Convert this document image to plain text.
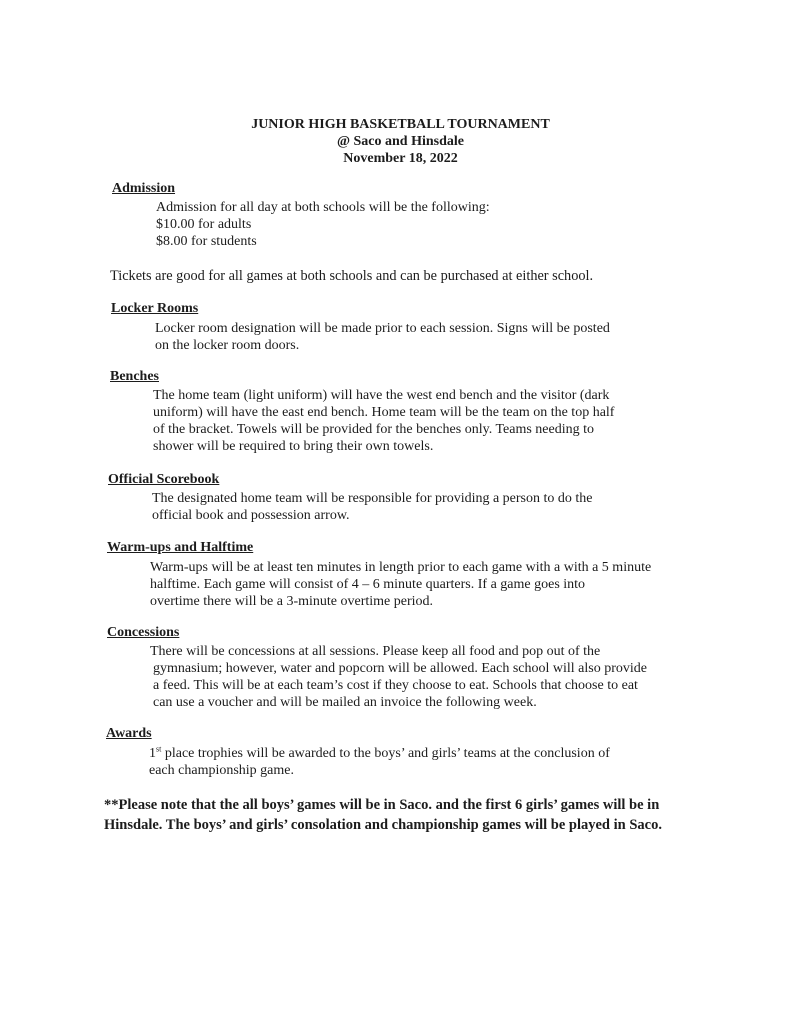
JUNIOR HIGH BASKETBALL TOURNAMENT
@ Saco and Hinsdale
November 18, 2022
Admission
Admission for all day at both schools will be the following:
$10.00 for adults
$8.00 for students
Tickets are good for all games at both schools and can be purchased at either school.
Locker Rooms
Locker room designation will be made prior to each session. Signs will be posted
on the locker room doors.
Benches
The home team (light uniform) will have the west end bench and the visitor (dark
uniform) will have the east end bench. Home team will be the team on the top half
of the bracket. Towels will be provided for the benches only. Teams needing to
shower will be required to bring their own towels.
Official Scorebook
The designated home team will be responsible for providing a person to do the
official book and possession arrow.
Warm-ups and Halftime
Warm-ups will be at least ten minutes in length prior to each game with a with a 5 minute
halftime. Each game will consist of 4 – 6 minute quarters. If a game goes into
overtime there will be a 3-minute overtime period.
Concessions
There will be concessions at all sessions. Please keep all food and pop out of the
gymnasium; however, water and popcorn will be allowed. Each school will also provide
a feed. This will be at each team’s cost if they choose to eat. Schools that choose to eat
can use a voucher and will be mailed an invoice the following week.
Awards
1st place trophies will be awarded to the boys’ and girls’ teams at the conclusion of
each championship game.
**Please note that the all boys’ games will be in Saco. and the first 6 girls’ games will be in
Hinsdale. The boys’ and girls’ consolation and championship games will be played in Saco.
